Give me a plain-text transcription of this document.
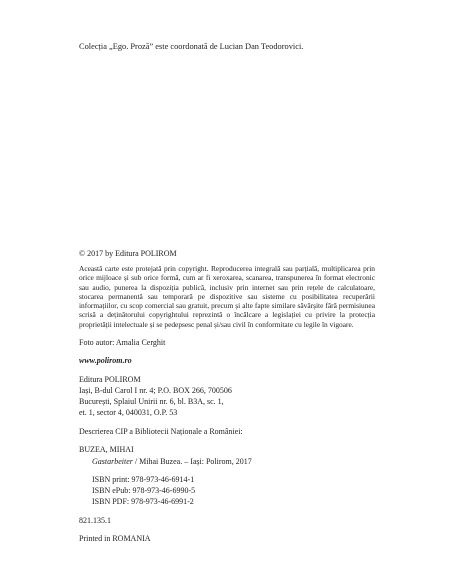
Colecția „Ego. Proză” este coordonată de Lucian Dan Teodorovici.
© 2017 by Editura POLIROM

Această carte este protejată prin copyright. Reproducerea integrală sau parțială, multiplicarea prin orice mijloace și sub orice formă, cum ar fi xeroxarea, scanarea, transpunerea în format electronic sau audio, punerea la dispoziția publică, inclusiv prin internet sau prin rețele de calculatoare, stocarea permanentă sau temporară pe dispozitive sau sisteme cu posibilitatea recuperării informațiilor, cu scop comercial sau gratuit, precum și alte fapte similare săvârșite fără permisiunea scrisă a deținătorului copyrightului reprezintă o încălcare a legislației cu privire la protecția proprietății intelectuale și se pedepsesc penal și/sau civil în conformitate cu legile în vigoare.

Foto autor: Amalia Cerghit
www.polirom.ro
Editura POLIROM
Iași, B-dul Carol I nr. 4; P.O. BOX 266, 700506
București, Splaiul Unirii nr. 6, bl. B3A, sc. 1,
et. 1, sector 4, 040031, O.P. 53
Descrierea CIP a Bibliotecii Naționale a României:
BUZEA, MIHAI
Gastarbeiter / Mihai Buzea. – Iași: Polirom, 2017
ISBN print: 978-973-46-6914-1
ISBN ePub: 978-973-46-6990-5
ISBN PDF: 978-973-46-6991-2
821.135.1
Printed in ROMANIA
